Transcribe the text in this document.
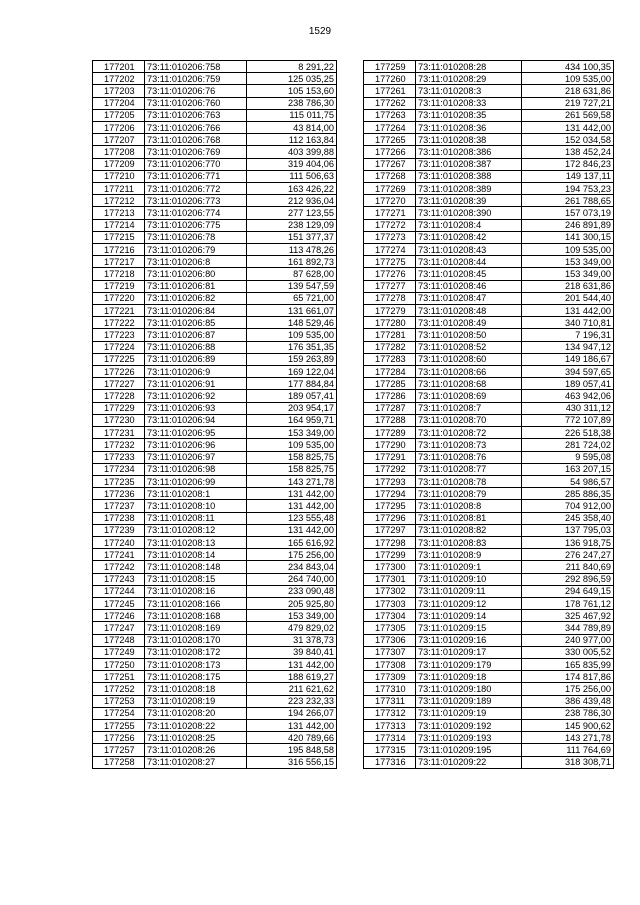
1529
177201	73:11:010206:758	8 291,22
177202	73:11:010206:759	125 035,25
177203	73:11:010206:76	105 153,60
177204	73:11:010206:760	238 786,30
177205	73:11:010206:763	115 011,75
177206	73:11:010206:766	43 814,00
177207	73:11:010206:768	112 163,84
177208	73:11:010206:769	403 399,88
177209	73:11:010206:770	319 404,06
177210	73:11:010206:771	111 506,63
177211	73:11:010206:772	163 426,22
177212	73:11:010206:773	212 936,04
177213	73:11:010206:774	277 123,55
177214	73:11:010206:775	238 129,09
177215	73:11:010206:78	151 377,37
177216	73:11:010206:79	113 478,26
177217	73:11:010206:8	161 892,73
177218	73:11:010206:80	87 628,00
177219	73:11:010206:81	139 547,59
177220	73:11:010206:82	65 721,00
177221	73:11:010206:84	131 661,07
177222	73:11:010206:85	148 529,46
177223	73:11:010206:87	109 535,00
177224	73:11:010206:88	176 351,35
177225	73:11:010206:89	159 263,89
177226	73:11:010206:9	169 122,04
177227	73:11:010206:91	177 884,84
177228	73:11:010206:92	189 057,41
177229	73:11:010206:93	203 954,17
177230	73:11:010206:94	164 959,71
177231	73:11:010206:95	153 349,00
177232	73:11:010206:96	109 535,00
177233	73:11:010206:97	158 825,75
177234	73:11:010206:98	158 825,75
177235	73:11:010206:99	143 271,78
177236	73:11:010208:1	131 442,00
177237	73:11:010208:10	131 442,00
177238	73:11:010208:11	123 555,48
177239	73:11:010208:12	131 442,00
177240	73:11:010208:13	165 616,92
177241	73:11:010208:14	175 256,00
177242	73:11:010208:148	234 843,04
177243	73:11:010208:15	264 740,00
177244	73:11:010208:16	233 090,48
177245	73:11:010208:166	205 925,80
177246	73:11:010208:168	153 349,00
177247	73:11:010208:169	479 829,02
177248	73:11:010208:170	31 378,73
177249	73:11:010208:172	39 840,41
177250	73:11:010208:173	131 442,00
177251	73:11:010208:175	188 619,27
177252	73:11:010208:18	211 621,62
177253	73:11:010208:19	223 232,33
177254	73:11:010208:20	194 266,07
177255	73:11:010208:22	131 442,00
177256	73:11:010208:25	420 789,66
177257	73:11:010208:26	195 848,58
177258	73:11:010208:27	316 556,15
177259	73:11:010208:28	434 100,35
177260	73:11:010208:29	109 535,00
177261	73:11:010208:3	218 631,86
177262	73:11:010208:33	219 727,21
177263	73:11:010208:35	261 569,58
177264	73:11:010208:36	131 442,00
177265	73:11:010208:38	152 034,58
177266	73:11:010208:386	138 452,24
177267	73:11:010208:387	172 846,23
177268	73:11:010208:388	149 137,11
177269	73:11:010208:389	194 753,23
177270	73:11:010208:39	261 788,65
177271	73:11:010208:390	157 073,19
177272	73:11:010208:4	246 891,89
177273	73:11:010208:42	141 300,15
177274	73:11:010208:43	109 535,00
177275	73:11:010208:44	153 349,00
177276	73:11:010208:45	153 349,00
177277	73:11:010208:46	218 631,86
177278	73:11:010208:47	201 544,40
177279	73:11:010208:48	131 442,00
177280	73:11:010208:49	340 710,81
177281	73:11:010208:50	7 196,31
177282	73:11:010208:52	134 947,12
177283	73:11:010208:60	149 186,67
177284	73:11:010208:66	394 597,65
177285	73:11:010208:68	189 057,41
177286	73:11:010208:69	463 942,06
177287	73:11:010208:7	430 311,12
177288	73:11:010208:70	772 107,89
177289	73:11:010208:72	226 518,38
177290	73:11:010208:73	281 724,02
177291	73:11:010208:76	9 595,08
177292	73:11:010208:77	163 207,15
177293	73:11:010208:78	54 986,57
177294	73:11:010208:79	285 886,35
177295	73:11:010208:8	704 912,00
177296	73:11:010208:81	245 358,40
177297	73:11:010208:82	137 795,03
177298	73:11:010208:83	136 918,75
177299	73:11:010208:9	276 247,27
177300	73:11:010209:1	211 840,69
177301	73:11:010209:10	292 896,59
177302	73:11:010209:11	294 649,15
177303	73:11:010209:12	178 761,12
177304	73:11:010209:14	325 467,92
177305	73:11:010209:15	344 789,89
177306	73:11:010209:16	240 977,00
177307	73:11:010209:17	330 005,52
177308	73:11:010209:179	165 835,99
177309	73:11:010209:18	174 817,86
177310	73:11:010209:180	175 256,00
177311	73:11:010209:189	386 439,48
177312	73:11:010209:19	238 786,30
177313	73:11:010209:192	145 900,62
177314	73:11:010209:193	143 271,78
177315	73:11:010209:195	111 764,69
177316	73:11:010209:22	318 308,71
